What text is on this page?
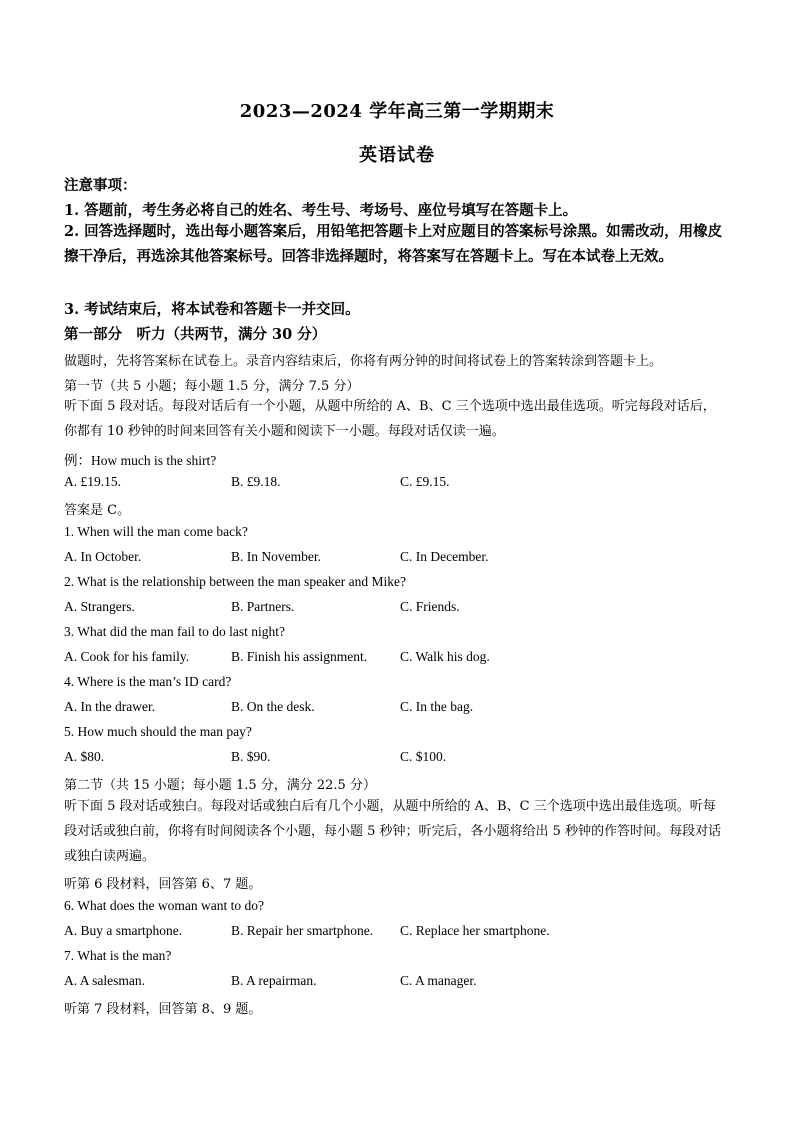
2023—2024 学年高三第一学期期末
英语试卷
注意事项：
1. 答题前，考生务必将自己的姓名、考生号、考场号、座位号填写在答题卡上。
2. 回答选择题时，选出每小题答案后，用铅笔把答题卡上对应题目的答案标号涂黑。如需改动，用橡皮擦干净后，再选涂其他答案标号。回答非选择题时，将答案写在答题卡上。写在本试卷上无效。
3. 考试结束后，将本试卷和答题卡一并交回。
第一部分　听力（共两节，满分 30 分）
做题时，先将答案标在试卷上。录音内容结束后，你将有两分钟的时间将试卷上的答案转涂到答题卡上。
第一节（共 5 小题；每小题 1.5 分，满分 7.5 分）
听下面 5 段对话。每段对话后有一个小题，从题中所给的 A、B、C 三个选项中选出最佳选项。听完每段对话后，你都有 10 秒钟的时间来回答有关小题和阅读下一小题。每段对话仅读一遍。
例：How much is the shirt?
A. £19.15.	B. £9.18.	C. £9.15.
答案是 C。
1. When will the man come back?
A. In October.	B. In November.	C. In December.
2. What is the relationship between the man speaker and Mike?
A. Strangers.	B. Partners.	C. Friends.
3. What did the man fail to do last night?
A. Cook for his family.	B. Finish his assignment. C. Walk his dog.
4. Where is the man’s ID card?
A. In the drawer.	B. On the desk.	C. In the bag.
5. How much should the man pay?
A. $80.	B. $90.	C. $100.
第二节（共 15 小题；每小题 1.5 分，满分 22.5 分）
听下面 5 段对话或独白。每段对话或独白后有几个小题，从题中所给的 A、B、C 三个选项中选出最佳选项。听每段对话或独白前，你将有时间阅读各个小题，每小题 5 秒钟；听完后，各小题将给出 5 秒钟的作答时间。每段对话或独白读两遍。
听第 6 段材料，回答第 6、7 题。
6. What does the woman want to do?
A. Buy a smartphone.	B. Repair her smartphone. C. Replace her smartphone.
7. What is the man?
A. A salesman.	B. A repairman.	C. A manager.
听第 7 段材料，回答第 8、9 题。
